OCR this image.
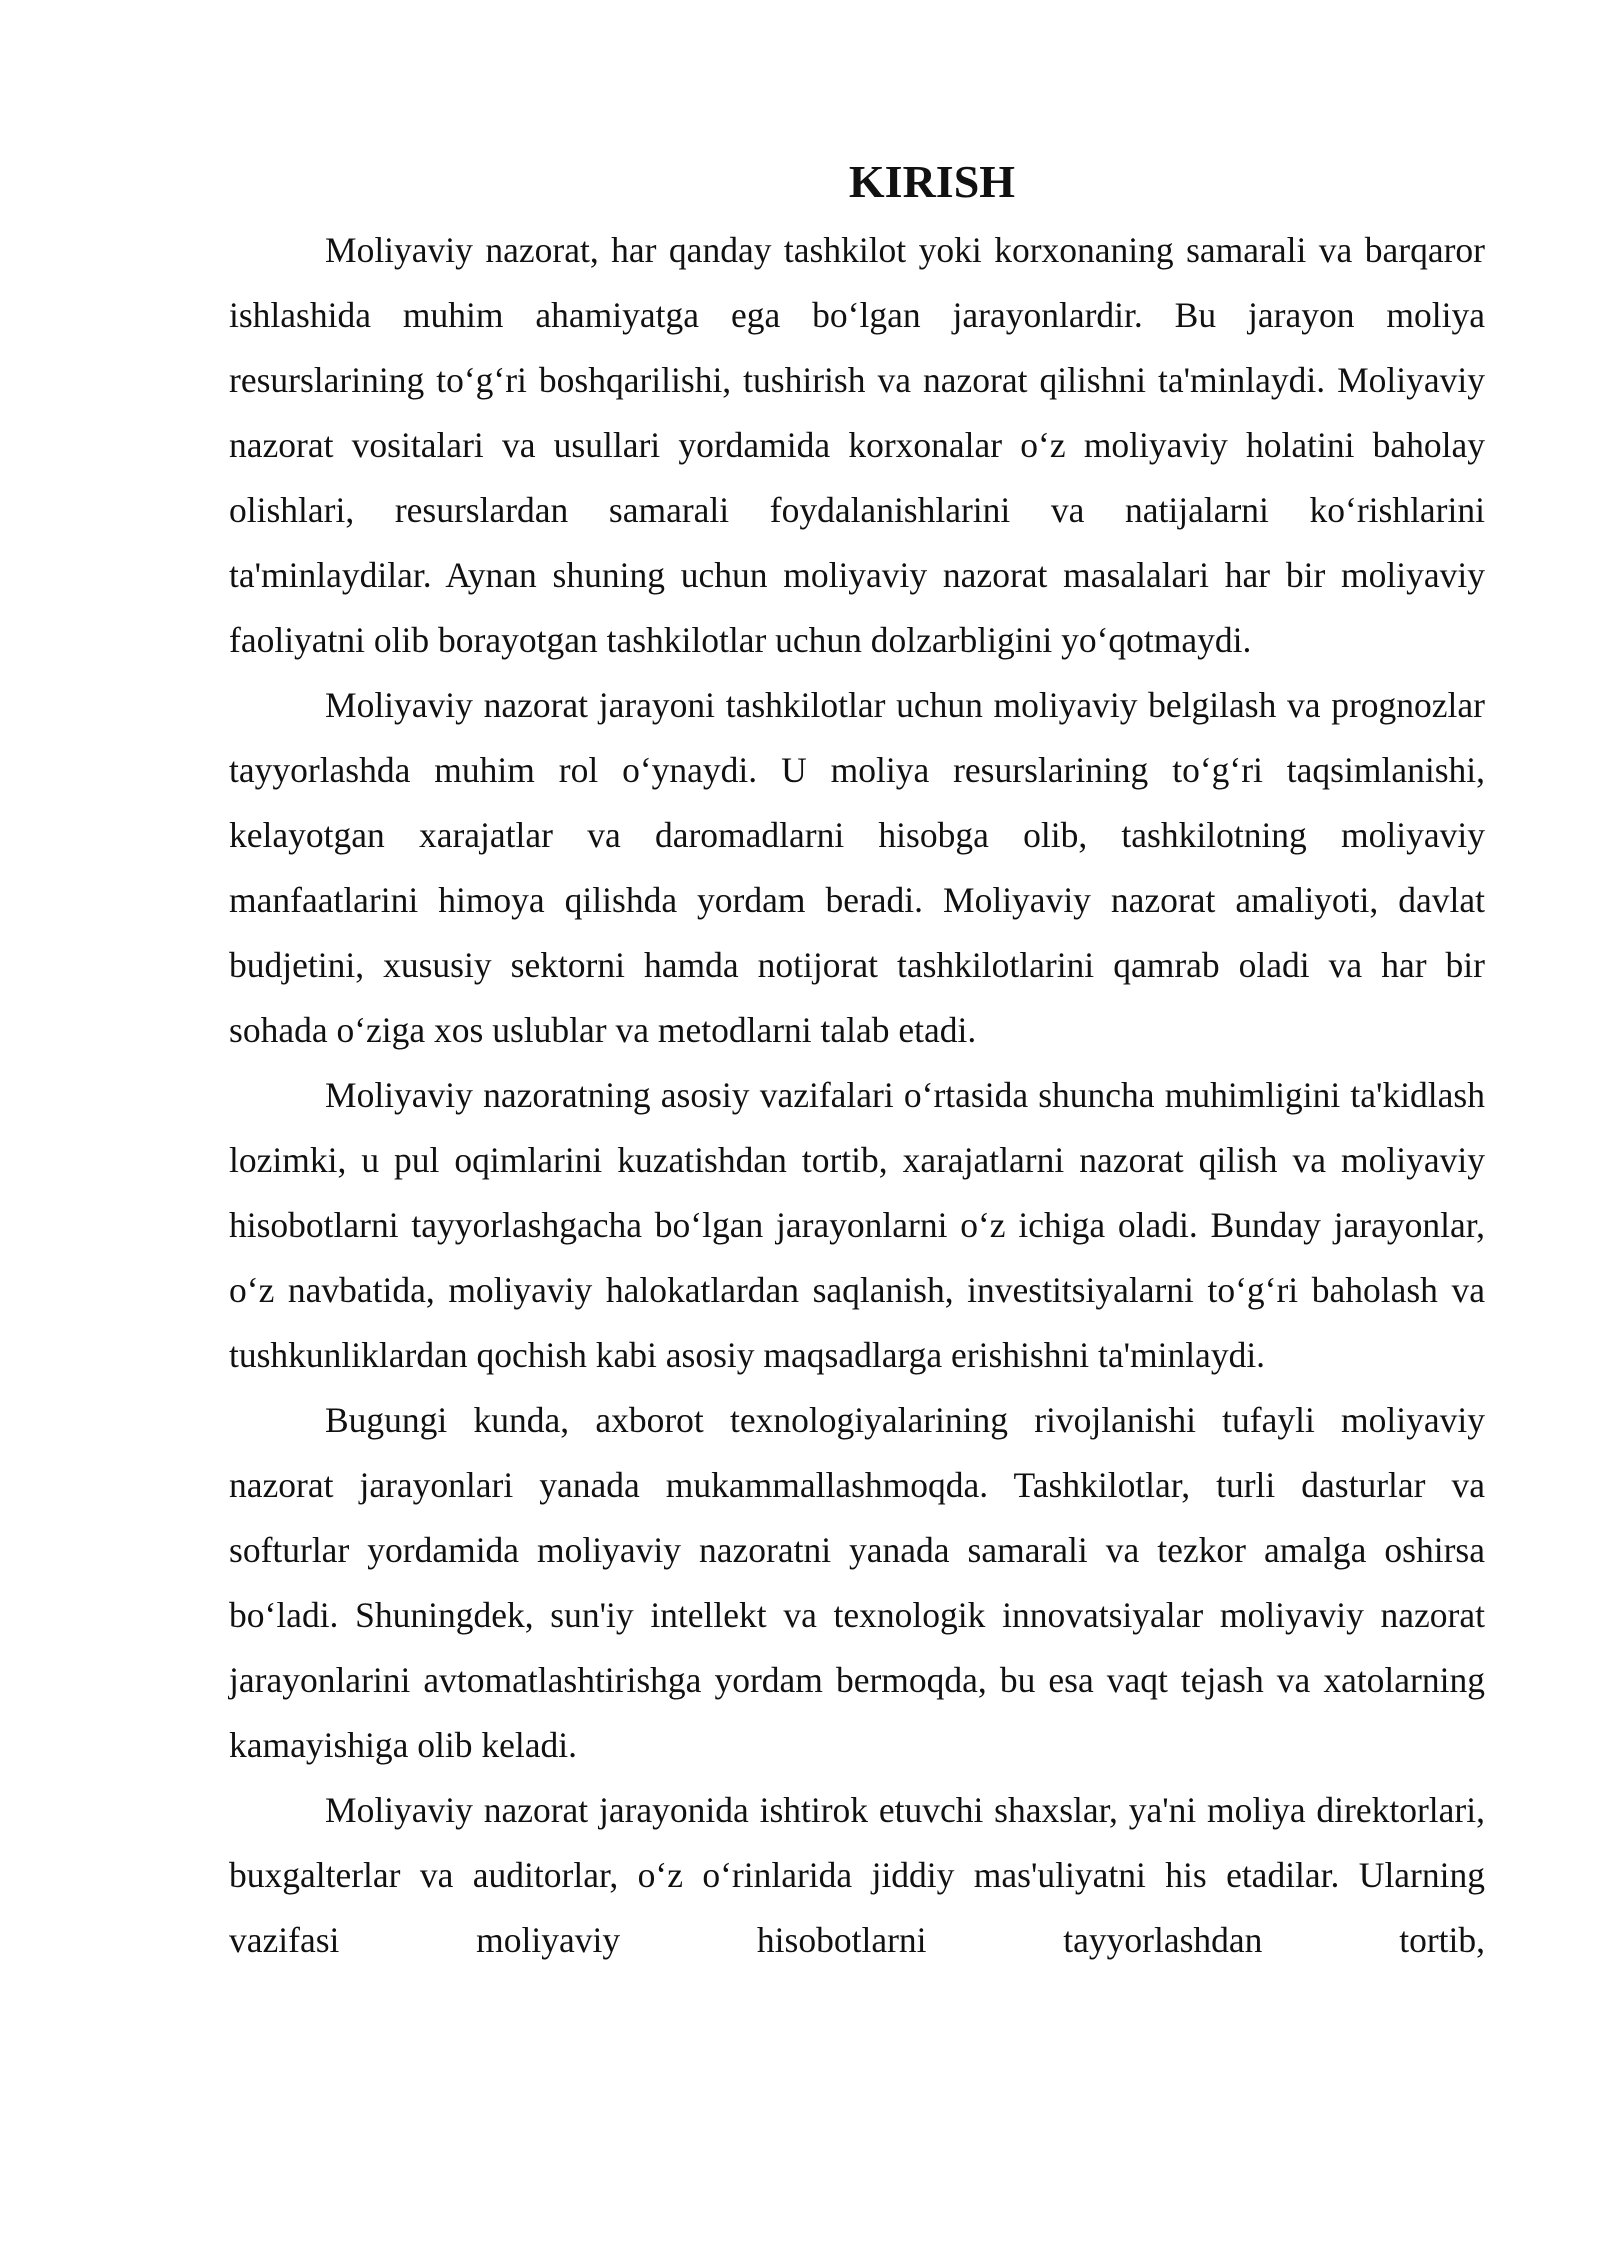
KIRISH

Moliyaviy nazorat, har qanday tashkilot yoki korxonaning samarali va barqaror ishlashida muhim ahamiyatga ega boʻlgan jarayonlardir. Bu jarayon moliya resurslarining toʻgʻri boshqarilishi, tushirish va nazorat qilishni ta'minlaydi. Moliyaviy nazorat vositalari va usullari yordamida korxonalar oʻz moliyaviy holatini baholay olishlari, resurslardan samarali foydalanishlarini va natijalarni koʻrishlarini ta'minlaydilar. Aynan shuning uchun moliyaviy nazorat masalalari har bir moliyaviy faoliyatni olib borayotgan tashkilotlar uchun dolzarbligini yoʻqotmaydi.

Moliyaviy nazorat jarayoni tashkilotlar uchun moliyaviy belgilash va prognozlar tayyorlashda muhim rol oʻynaydi. U moliya resurslarining toʻgʻri taqsimlanishi, kelayotgan xarajatlar va daromadlarni hisobga olib, tashkilotning moliyaviy manfaatlarini himoya qilishda yordam beradi. Moliyaviy nazorat amaliyoti, davlat budjetini, xususiy sektorni hamda notijorat tashkilotlarini qamrab oladi va har bir sohada oʻziga xos uslublar va metodlarni talab etadi.

Moliyaviy nazoratning asosiy vazifalari oʻrtasida shuncha muhimligini ta'kidlash lozimki, u pul oqimlarini kuzatishdan tortib, xarajatlarni nazorat qilish va moliyaviy hisobotlarni tayyorlashgacha boʻlgan jarayonlarni oʻz ichiga oladi. Bunday jarayonlar, oʻz navbatida, moliyaviy halokatlardan saqlanish, investitsiyalarni toʻgʻri baholash va tushkunliklardan qochish kabi asosiy maqsadlarga erishishni ta'minlaydi.

Bugungi kunda, axborot texnologiyalarining rivojlanishi tufayli moliyaviy nazorat jarayonlari yanada mukammallashmoqda. Tashkilotlar, turli dasturlar va softurlar yordamida moliyaviy nazoratni yanada samarali va tezkor amalga oshirsa boʻladi. Shuningdek, sun'iy intellekt va texnologik innovatsiyalar moliyaviy nazorat jarayonlarini avtomatlashtirishga yordam bermoqda, bu esa vaqt tejash va xatolarning kamayishiga olib keladi.

Moliyaviy nazorat jarayonida ishtirok etuvchi shaxslar, ya'ni moliya direktorlari, buxgalterlar va auditorlar, oʻz oʻrinlarida jiddiy mas'uliyatni his etadilar. Ularning vazifasi moliyaviy hisobotlarni tayyorlashdan tortib,
